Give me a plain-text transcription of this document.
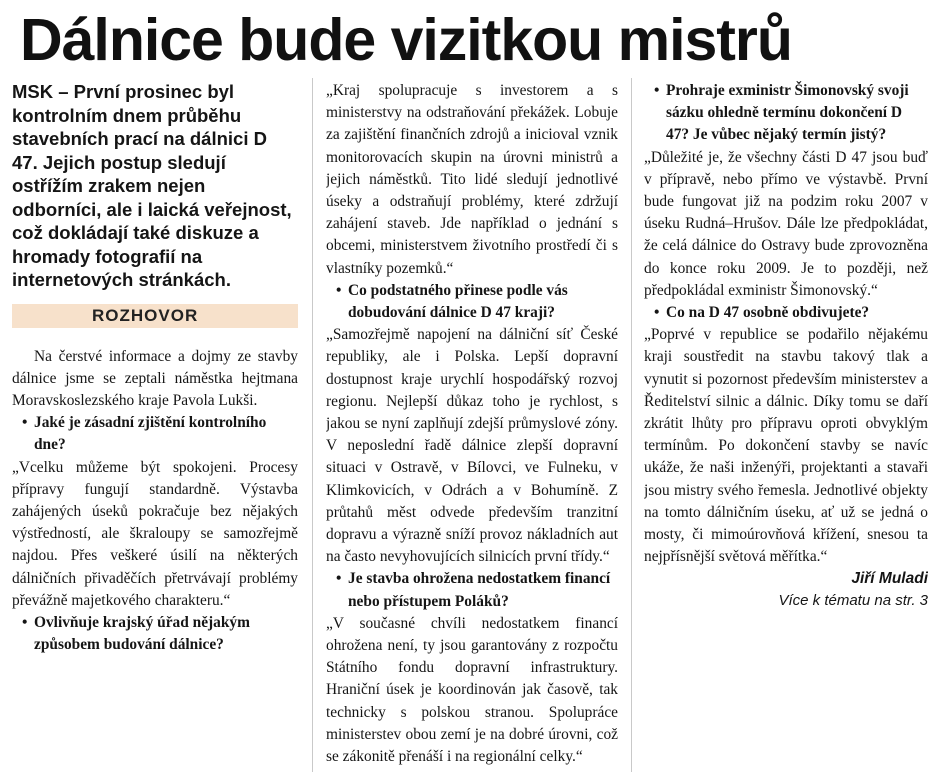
Dálnice bude vizitkou mistrů

MSK – První prosinec byl kontrolním dnem průběhu stavebních prací na dálnici D 47. Jejich postup sledují ostřížím zrakem nejen odborníci, ale i laická veřejnost, což dokládají také diskuze a hromady fotografií na internetových stránkách.

ROZHOVOR

Na čerstvé informace a dojmy ze stavby dálnice jsme se zeptali náměstka hejtmana Moravskoslezského kraje Pavola Lukši.

• Jaké je zásadní zjištění kontrolního dne?

„Vcelku můžeme být spokojeni. Procesy přípravy fungují standardně. Výstavba zahájených úseků pokračuje bez nějakých výstředností, ale škraloupy se samozřejmě najdou. Přes veškeré úsilí na některých dálničních přivaděčích přetrvávají problémy převážně majetkového charakteru.“

• Ovlivňuje krajský úřad nějakým způsobem budování dálnice?

„Kraj spolupracuje s investorem a s ministerstvy na odstraňování překážek. Lobuje za zajištění finančních zdrojů a inicioval vznik monitorovacích skupin na úrovni ministrů a jejich náměstků. Tito lidé sledují jednotlivé úseky a odstraňují problémy, které zdržují zahájení staveb. Jde například o jednání s obcemi, ministerstvem životního prostředí či s vlastníky pozemků.“

• Co podstatného přinese podle vás dobudování dálnice D 47 kraji?

„Samozřejmě napojení na dálniční síť České republiky, ale i Polska. Lepší dopravní dostupnost kraje urychlí hospodářský rozvoj regionu. Nejlepší důkaz toho je rychlost, s jakou se nyní zaplňují zdejší průmyslové zóny. V neposlední řadě dálnice zlepší dopravní situaci v Ostravě, v Bílovci, ve Fulneku, v Klimkovicích, v Odrách a v Bohumíně. Z průtahů měst odvede především tranzitní dopravu a výrazně sníží provoz nákladních aut na často nevyhovujících silnicích první třídy.“

• Je stavba ohrožena nedostatkem financí nebo přístupem Poláků?

„V současné chvíli nedostatkem financí ohrožena není, ty jsou garantovány z rozpočtu Státního fondu dopravní infrastruktury. Hraniční úsek je koordinován jak časově, tak technicky s polskou stranou. Spolupráce ministerstev obou zemí je na dobré úrovni, což se zákonitě přenáší i na regionální celky.“

• Prohraje exministr Šimonovský svoji sázku ohledně termínu dokončení D 47? Je vůbec nějaký termín jistý?

„Důležité je, že všechny části D 47 jsou buď v přípravě, nebo přímo ve výstavbě. První bude fungovat již na podzim roku 2007 v úseku Rudná–Hrušov. Dále lze předpokládat, že celá dálnice do Ostravy bude zprovozněna do konce roku 2009. Je to později, než předpokládal exministr Šimonovský.“

• Co na D 47 osobně obdivujete?

„Poprvé v republice se podařilo nějakému kraji soustředit na stavbu takový tlak a vynutit si pozornost především ministerstev a Ředitelství silnic a dálnic. Díky tomu se daří zkrátit lhůty pro přípravu oproti obvyklým termínům. Po dokončení stavby se navíc ukáže, že naši inženýři, projektanti a stavaři jsou mistry svého řemesla. Jednotlivé objekty na tomto dálničním úseku, ať už se jedná o mosty, či mimoúrovňová křížení, snesou ta nejpřísnější světová měřítka.“

Jiří Muladi

Více k tématu na str. 3
